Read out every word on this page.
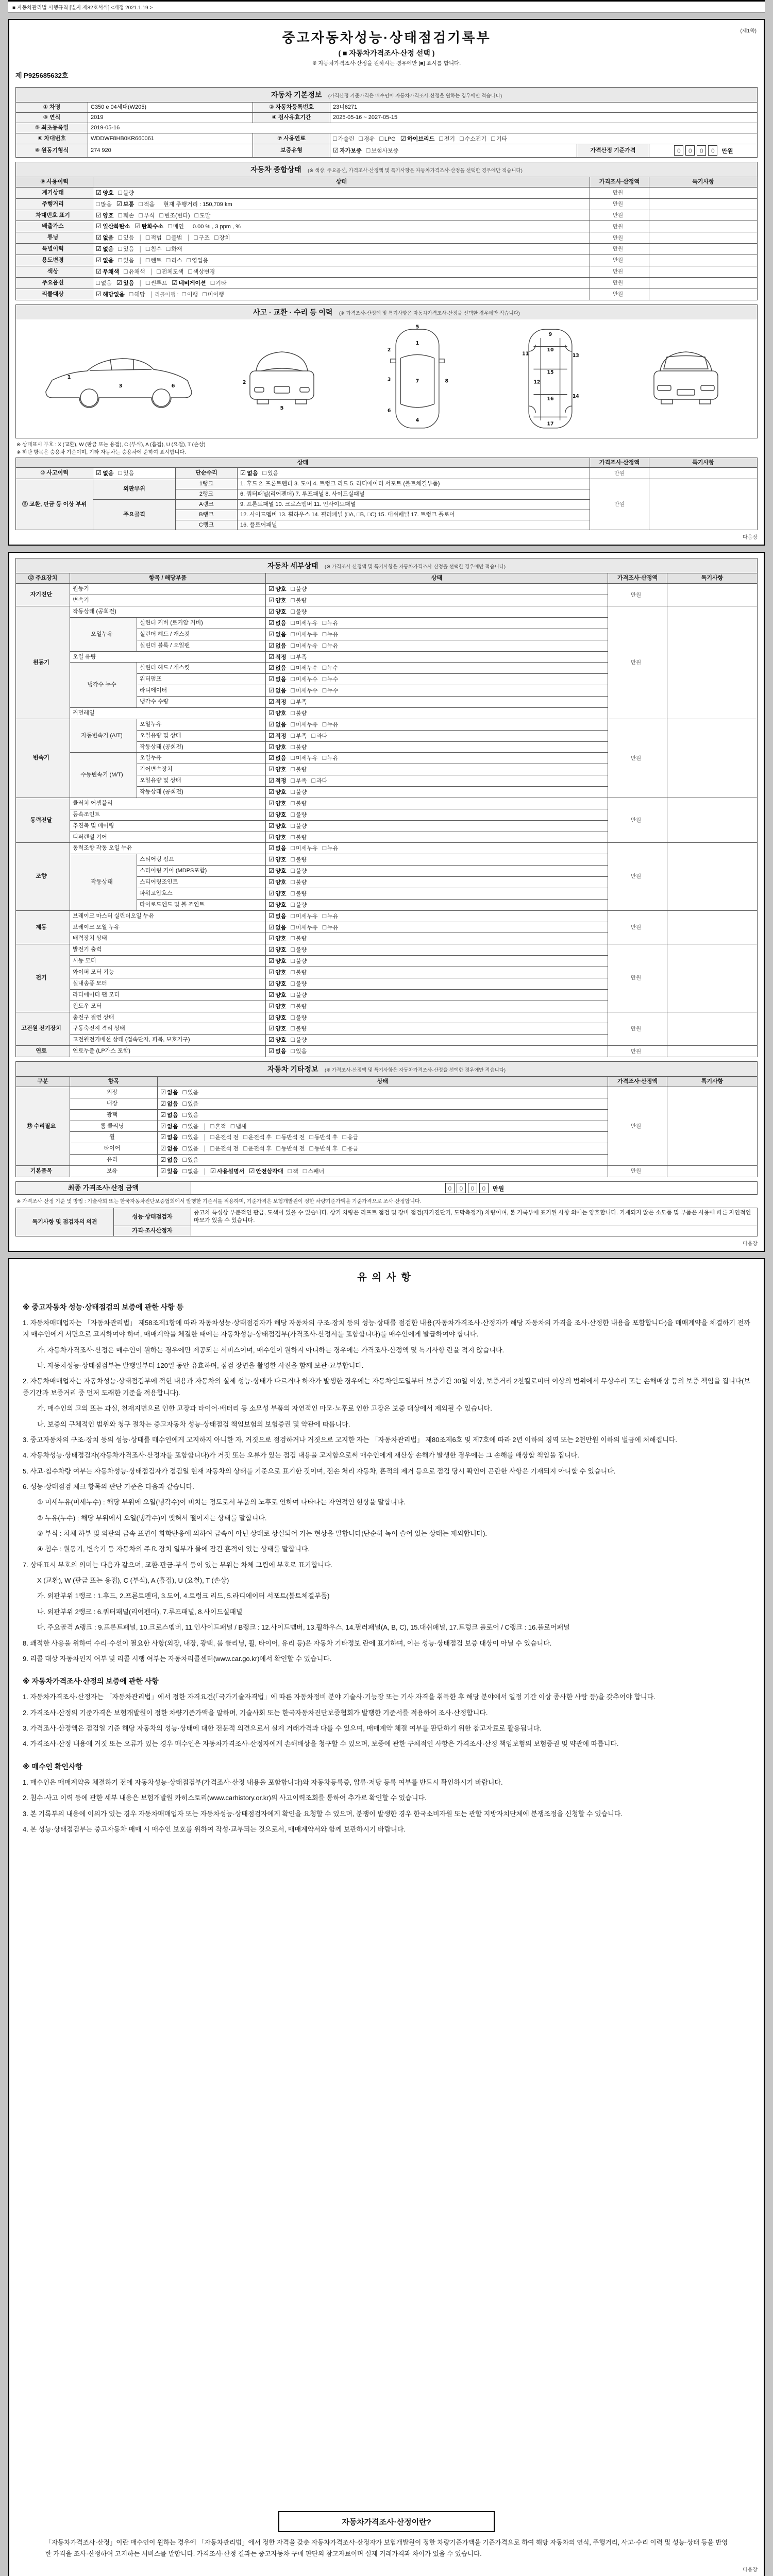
■ 자동차관리법 시행규칙 [별지 제82호서식] <개정 2021.1.19.>
(제1쪽)
중고자동차성능·상태점검기록부
( ■ 자동차가격조사·산정 선택 )
※ 자동차가격조사·산정을 원하시는 경우에만 [■] 표시를 합니다.
제 P925685632호
자동차 기본정보 (가격산정 기준가격은 매수인이 자동차가격조사·산정을 원하는 경우에만 적습니다)
① 차명	C350 e 04세대(W205)	② 자동차등록번호	23너6271		
③ 연식	2019	④ 검사유효기간	2025-05-16 ~ 2027-05-15		
⑤ 최초등록일	2019-05-16				
⑥ 차대번호	WDDWF8HB0KR660061	⑦ 사용연료	□ 가솔린 □ 경유 □ LPG ☑ 하이브리드 □ 전기 □ 수소전기 □ 기타		
⑧ 원동기형식	274 920	보증유형	☑ 자가보증 □ 보험사보증	가격산정 기준가격	0 0 0 0 만원
자동차 종합상태 (※ 색상, 주요옵션, 가격조사·산정액 및 특기사항은 자동차가격조사·산정을 선택한 경우에만 적습니다)
⑨ 사용이력	상태	가격조사·산정액	특기사항
계기상태	☑ 양호 □ 불량	만원	
주행거리	□ 많음 ☑ 보통 □ 적음 현재 주행거리 : 150,709 km	만원	
차대번호 표기	☑ 양호 □ 훼손 □ 부식 □ 변조(변타) □ 도말	만원	
배출가스	☑ 일산화탄소 ☑ 탄화수소 □ 매연 0.00 % , 3 ppm , %	만원	
튜닝	☑ 없음 □ 있음 │ □ 적법 □ 불법 │ □ 구조 □ 장치	만원	
특별이력	☑ 없음 □ 있음 │ □ 침수 □ 화재	만원	
용도변경	☑ 없음 □ 있음 │ □ 렌트 □ 리스 □ 영업용	만원	
색상	☑ 무채색 □ 유채색 │ □ 전체도색 □ 색상변경	만원	
주요옵션	□ 없음 ☑ 있음 │ □ 썬루프 ☑ 네비게이션 □ 기타	만원	
리콜대상	☑ 해당없음 □ 해당 │ 리콜이행 : □ 이행 □ 미이행	만원	
사고 · 교환 · 수리 등 이력 (※ 가격조사·산정액 및 특기사항은 자동차가격조사·산정을 선택한 경우에만 적습니다)
1
3	6
2
5
1
2
3
4
5
6
7	8
9
10
11
12
13
14
15
16
17
※ 상태표시 부호 : X (교환), W (판금 또는 용접), C (부식), A (흠집), U (요철), T (손상)
※ 하단 항목은 승용차 기준이며, 기타 자동차는 승용차에 준하여 표시합니다.
상태				가격조사·산정액	특기사항
⑩ 사고이력	☑ 없음 □ 있음	단순수리	☑ 없음 □ 있음	만원	
⑪ 교환, 판금 등 이상 부위	외판부위	1랭크	1. 후드 2. 프론트펜더 3. 도어 4. 트렁크 리드 5. 라디에이터 서포트 (볼트체결부품)	만원	
		2랭크	6. 쿼터패널(리어펜더) 7. 루프패널 8. 사이드실패널		
	주요골격	A랭크	9. 프론트패널 10. 크로스멤버 11. 인사이드패널		
		B랭크	12. 사이드멤버 13. 휠하우스 14. 필러패널 (□A, □B, □C) 15. 대쉬패널 17. 트렁크 플로어		
		C랭크	16. 플로어패널		
다음장
자동차 세부상태 (※ 가격조사·산정액 및 특기사항은 자동차가격조사·산정을 선택한 경우에만 적습니다)
⑫ 주요장치	항목 / 해당부품		상태	가격조사·산정액	특기사항
자기진단	원동기		☑ 양호 □ 불량	만원	
	변속기		☑ 양호 □ 불량		
원동기	작동상태 (공회전)		☑ 양호 □ 불량	만원	
	오일누유	실린더 커버 (로커암 커버)	☑ 없음 □ 미세누유 □ 누유		
		실린더 헤드 / 개스킷	☑ 없음 □ 미세누유 □ 누유		
		실린더 블록 / 오일팬	☑ 없음 □ 미세누유 □ 누유		
	오일 유량		☑ 적정 □ 부족		
	냉각수 누수	실린더 헤드 / 개스킷	☑ 없음 □ 미세누수 □ 누수		
		워터펌프	☑ 없음 □ 미세누수 □ 누수		
		라디에이터	☑ 없음 □ 미세누수 □ 누수		
		냉각수 수량	☑ 적정 □ 부족		
	커먼레일		☑ 양호 □ 불량		
변속기	자동변속기 (A/T)	오일누유	☑ 없음 □ 미세누유 □ 누유	만원	
		오일유량 및 상태	☑ 적정 □ 부족 □ 과다		
		작동상태 (공회전)	☑ 양호 □ 불량		
	수동변속기 (M/T)	오일누유	☑ 없음 □ 미세누유 □ 누유		
		기어변속장치	☑ 양호 □ 불량		
		오일유량 및 상태	☑ 적정 □ 부족 □ 과다		
		작동상태 (공회전)	☑ 양호 □ 불량		
동력전달	클러치 어셈블리		☑ 양호 □ 불량	만원	
	등속조인트		☑ 양호 □ 불량		
	추진축 및 베어링		☑ 양호 □ 불량		
	디퍼렌셜 기어		☑ 양호 □ 불량		
조향	동력조향 작동 오일 누유		☑ 없음 □ 미세누유 □ 누유	만원	
	작동상태	스티어링 펌프	☑ 양호 □ 불량		
		스티어링 기어 (MDPS포함)	☑ 양호 □ 불량		
		스티어링조인트	☑ 양호 □ 불량		
		파워고압호스	☑ 양호 □ 불량		
		타이로드엔드 및 볼 조인트	☑ 양호 □ 불량		
제동	브레이크 마스터 실린더오일 누유		☑ 없음 □ 미세누유 □ 누유	만원	
	브레이크 오일 누유		☑ 없음 □ 미세누유 □ 누유		
	배력장치 상태		☑ 양호 □ 불량		
전기	발전기 출력		☑ 양호 □ 불량	만원	
	시동 모터		☑ 양호 □ 불량		
	와이퍼 모터 기능		☑ 양호 □ 불량		
	실내송풍 모터		☑ 양호 □ 불량		
	라디에이터 팬 모터		☑ 양호 □ 불량		
	윈도우 모터		☑ 양호 □ 불량		
고전원 전기장치	충전구 절연 상태		☑ 양호 □ 불량	만원	
	구동축전지 격리 상태		☑ 양호 □ 불량		
	고전원전기배선 상태 (접속단자, 피복, 보호기구)		☑ 양호 □ 불량		
연료	연료누출 (LP가스 포함)		☑ 없음 □ 있음	만원	
자동차 기타정보 (※ 가격조사·산정액 및 특기사항은 자동차가격조사·산정을 선택한 경우에만 적습니다)
구분	항목	상태	가격조사·산정액	특기사항
⑬ 수리필요	외장	☑ 없음 □ 있음	만원	
	내장	☑ 없음 □ 있음		
	광택	☑ 없음 □ 있음		
	룸 클리닝	☑ 없음 □ 있음 │ □ 흔적 □ 냄새		
	휠	☑ 없음 □ 있음 │ □ 운전석 전 □ 운전석 후 □ 동반석 전 □ 동반석 후 □ 응급		
	타이어	☑ 없음 □ 있음 │ □ 운전석 전 □ 운전석 후 □ 동반석 전 □ 동반석 후 □ 응급		
	유리	☑ 없음 □ 있음		
기본품목	보유	☑ 있음 □ 없음 │ ☑ 사용설명서 ☑ 안전삼각대 □ 잭 □ 스패너	만원	
최종 가격조사·산정 금액	0 0 0 0 만원
※ 가격조사·산정 기준 및 방법 : 기술사회 또는 한국자동차진단보증협회에서 발행한 기준서를 적용하며, 기준가격은 보험개발원이 정한 차량기준가액을 기준가격으로 조사·산정합니다.
특기사항 및 점검자의 의견	성능·상태점검자	중고차 특성상 부분적인 판금, 도색이 있을 수 있습니다. 상기 차량은 리프트 점검 및 장비 점검(자가진단기, 도막측정기) 차량이며, 본 기록부에 표기된 사항 외에는 양호합니다. 기재되지 않은 소모품 및 부품은 사용에 따른 자연적인 마모가 있을 수 있습니다.
	가격·조사산정자	
다음장
유의사항
※ 중고자동차 성능·상태점검의 보증에 관한 사항 등
1. 자동차매매업자는 「자동차관리법」 제58조제1항에 따라 자동차성능·상태점검자가 해당 자동차의 구조·장치 등의 성능·상태를 점검한 내용(자동차가격조사·산정자가 해당 자동차의 가격을 조사·산정한 내용을 포함합니다)을 매매계약을 체결하기 전까지 매수인에게 서면으로 고지하여야 하며, 매매계약을 체결한 때에는 자동차성능·상태점검부(가격조사·산정서를 포함합니다)를 매수인에게 발급하여야 합니다.
가. 자동차가격조사·산정은 매수인이 원하는 경우에만 제공되는 서비스이며, 매수인이 원하지 아니하는 경우에는 가격조사·산정액 및 특기사항 란을 적지 않습니다.
나. 자동차성능·상태점검부는 발행일부터 120일 동안 유효하며, 점검 장면을 촬영한 사진을 함께 보관·교부합니다.
2. 자동차매매업자는 자동차성능·상태점검부에 적힌 내용과 자동차의 실제 성능·상태가 다르거나 하자가 발생한 경우에는 자동차인도일부터 보증기간 30일 이상, 보증거리 2천킬로미터 이상의 범위에서 무상수리 또는 손해배상 등의 보증 책임을 집니다(보증기간과 보증거리 중 먼저 도래한 기준을 적용합니다).
가. 매수인의 고의 또는 과실, 천재지변으로 인한 고장과 타이어·배터리 등 소모성 부품의 자연적인 마모·노후로 인한 고장은 보증 대상에서 제외될 수 있습니다.
나. 보증의 구체적인 범위와 청구 절차는 중고자동차 성능·상태점검 책임보험의 보험증권 및 약관에 따릅니다.
3. 중고자동차의 구조·장치 등의 성능·상태를 매수인에게 고지하지 아니한 자, 거짓으로 점검하거나 거짓으로 고지한 자는 「자동차관리법」 제80조제6호 및 제7호에 따라 2년 이하의 징역 또는 2천만원 이하의 벌금에 처해집니다.
4. 자동차성능·상태점검자(자동차가격조사·산정자를 포함합니다)가 거짓 또는 오류가 있는 점검 내용을 고지함으로써 매수인에게 재산상 손해가 발생한 경우에는 그 손해를 배상할 책임을 집니다.
5. 사고·침수차량 여부는 자동차성능·상태점검자가 점검일 현재 자동차의 상태를 기준으로 표기한 것이며, 전손 처리 자동차, 흔적의 제거 등으로 점검 당시 확인이 곤란한 사항은 기재되지 아니할 수 있습니다.
6. 성능·상태점검 체크 항목의 판단 기준은 다음과 같습니다.
① 미세누유(미세누수) : 해당 부위에 오일(냉각수)이 비치는 정도로서 부품의 노후로 인하여 나타나는 자연적인 현상을 말합니다.
② 누유(누수) : 해당 부위에서 오일(냉각수)이 맺혀서 떨어지는 상태를 말합니다.
③ 부식 : 차체 하부 및 외판의 금속 표면이 화학반응에 의하여 금속이 아닌 상태로 상실되어 가는 현상을 말합니다(단순히 녹이 슬어 있는 상태는 제외합니다).
④ 침수 : 원동기, 변속기 등 자동차의 주요 장치 일부가 물에 잠긴 흔적이 있는 상태를 말합니다.
7. 상태표시 부호의 의미는 다음과 같으며, 교환·판금·부식 등이 있는 부위는 차체 그림에 부호로 표기합니다.
X (교환), W (판금 또는 용접), C (부식), A (흠집), U (요철), T (손상)
가. 외판부위 1랭크 : 1.후드, 2.프론트펜더, 3.도어, 4.트렁크 리드, 5.라디에이터 서포트(볼트체결부품)
나. 외판부위 2랭크 : 6.쿼터패널(리어펜더), 7.루프패널, 8.사이드실패널
다. 주요골격 A랭크 : 9.프론트패널, 10.크로스멤버, 11.인사이드패널 / B랭크 : 12.사이드멤버, 13.휠하우스, 14.필러패널(A, B, C), 15.대쉬패널, 17.트렁크 플로어 / C랭크 : 16.플로어패널
8. 쾌적한 사용을 위하여 수리·수선이 필요한 사항(외장, 내장, 광택, 룸 클리닝, 휠, 타이어, 유리 등)은 자동차 기타정보 란에 표기하며, 이는 성능·상태점검 보증 대상이 아닐 수 있습니다.
9. 리콜 대상 자동차인지 여부 및 리콜 시행 여부는 자동차리콜센터(www.car.go.kr)에서 확인할 수 있습니다.
※ 자동차가격조사·산정의 보증에 관한 사항
1. 자동차가격조사·산정자는 「자동차관리법」에서 정한 자격요건(「국가기술자격법」에 따른 자동차정비 분야 기술사·기능장 또는 기사 자격을 취득한 후 해당 분야에서 일정 기간 이상 종사한 사람 등)을 갖추어야 합니다.
2. 가격조사·산정의 기준가격은 보험개발원이 정한 차량기준가액을 말하며, 기술사회 또는 한국자동차진단보증협회가 발행한 기준서를 적용하여 조사·산정합니다.
3. 가격조사·산정액은 점검일 기준 해당 자동차의 성능·상태에 대한 전문적 의견으로서 실제 거래가격과 다를 수 있으며, 매매계약 체결 여부를 판단하기 위한 참고자료로 활용됩니다.
4. 가격조사·산정 내용에 거짓 또는 오류가 있는 경우 매수인은 자동차가격조사·산정자에게 손해배상을 청구할 수 있으며, 보증에 관한 구체적인 사항은 가격조사·산정 책임보험의 보험증권 및 약관에 따릅니다.
※ 매수인 확인사항
1. 매수인은 매매계약을 체결하기 전에 자동차성능·상태점검부(가격조사·산정 내용을 포함합니다)와 자동차등록증, 압류·저당 등록 여부를 반드시 확인하시기 바랍니다.
2. 침수·사고 이력 등에 관한 세부 내용은 보험개발원 카히스토리(www.carhistory.or.kr)의 사고이력조회를 통하여 추가로 확인할 수 있습니다.
3. 본 기록부의 내용에 이의가 있는 경우 자동차매매업자 또는 자동차성능·상태점검자에게 확인을 요청할 수 있으며, 분쟁이 발생한 경우 한국소비자원 또는 관할 지방자치단체에 분쟁조정을 신청할 수 있습니다.
4. 본 성능·상태점검부는 중고자동차 매매 시 매수인 보호를 위하여 작성·교부되는 것으로서, 매매계약서와 함께 보관하시기 바랍니다.
자동차가격조사·산정이란?
「자동차가격조사·산정」이란 매수인이 원하는 경우에 「자동차관리법」에서 정한 자격을 갖춘 자동차가격조사·산정자가 보험개발원이 정한 차량기준가액을 기준가격으로 하여 해당 자동차의 연식, 주행거리, 사고·수리 이력 및 성능·상태 등을 반영한 가격을 조사·산정하여 고지하는 서비스를 말합니다. 가격조사·산정 결과는 중고자동차 구매 판단의 참고자료이며 실제 거래가격과 차이가 있을 수 있습니다.
다음장
